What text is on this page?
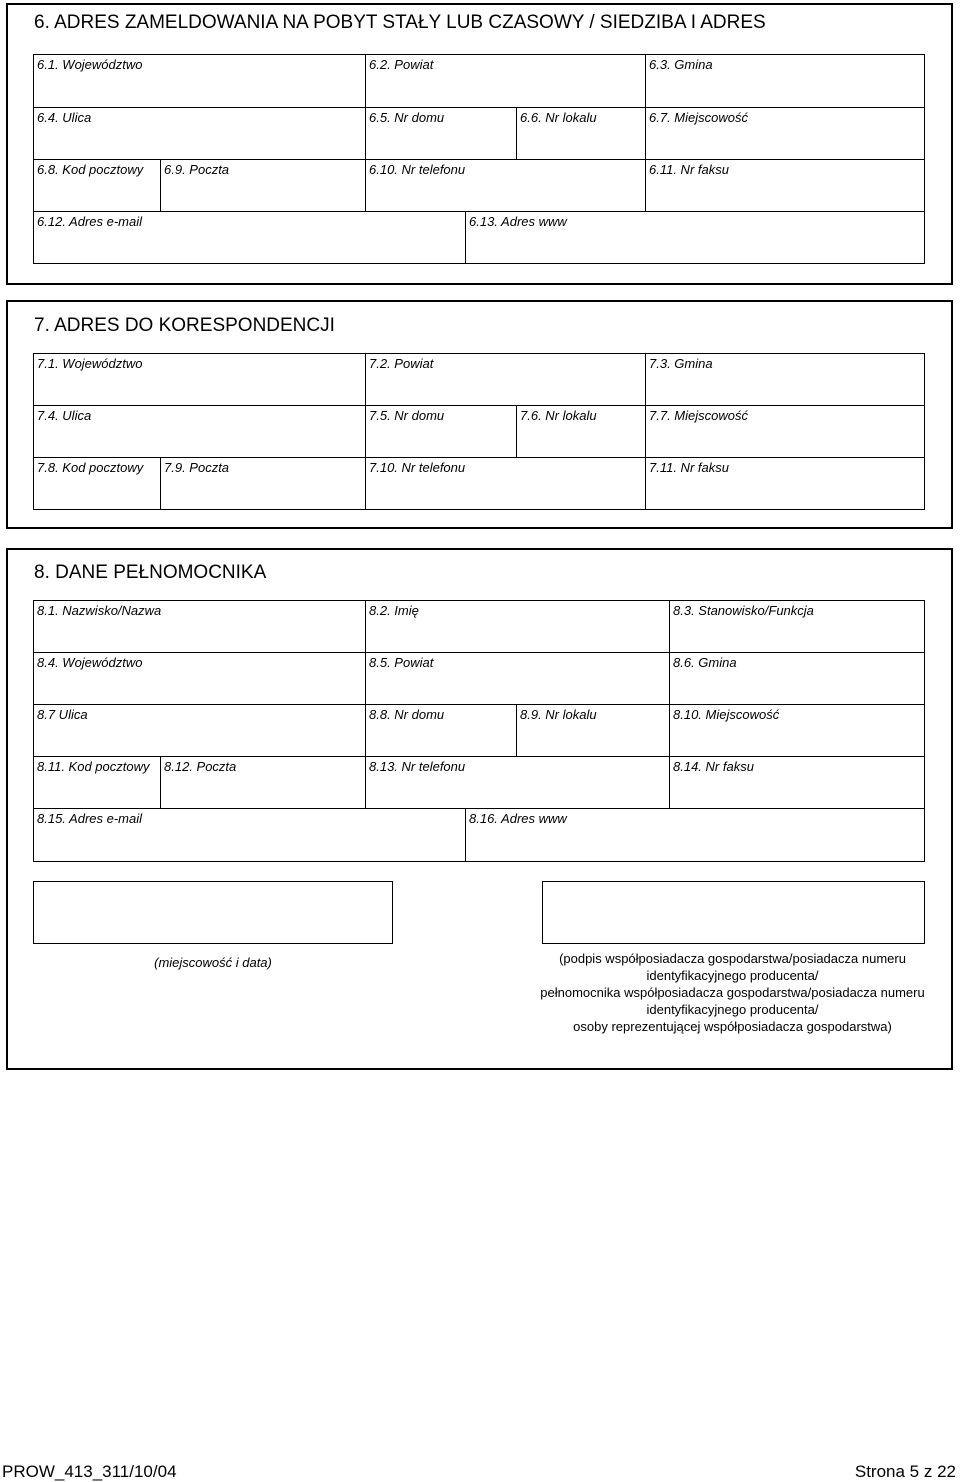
6. ADRES ZAMELDOWANIA NA POBYT STAŁY LUB CZASOWY / SIEDZIBA I ADRES
6.1. Województwo	6.2. Powiat	6.3. Gmina
6.4. Ulica	6.5. Nr domu	6.6. Nr lokalu	6.7. Miejscowość
6.8. Kod pocztowy 6.9. Poczta	6.10. Nr telefonu	6.11. Nr faksu
6.12. Adres e-mail	6.13. Adres www
7. ADRES DO KORESPONDENCJI
7.1. Województwo	7.2. Powiat	7.3. Gmina
7.4. Ulica	7.5. Nr domu	7.6. Nr lokalu	7.7. Miejscowość
7.8. Kod pocztowy 7.9. Poczta	7.10. Nr telefonu	7.11. Nr faksu
8. DANE PEŁNOMOCNIKA
8.1. Nazwisko/Nazwa	8.2. Imię	8.3. Stanowisko/Funkcja
8.4. Województwo	8.5. Powiat	8.6. Gmina
8.7 Ulica	8.8. Nr domu	8.9. Nr lokalu	8.10. Miejscowość
8.11. Kod pocztowy 8.12. Poczta	8.13. Nr telefonu	8.14. Nr faksu
8.15. Adres e-mail	8.16. Adres www
(miejscowość i data)	(podpis współposiadacza gospodarstwa/posiadacza numeru
identyfikacyjnego producenta/
pełnomocnika współposiadacza gospodarstwa/posiadacza numeru
identyfikacyjnego producenta/
osoby reprezentującej współposiadacza gospodarstwa)
PROW_413_311/10/04	Strona 5 z 22
